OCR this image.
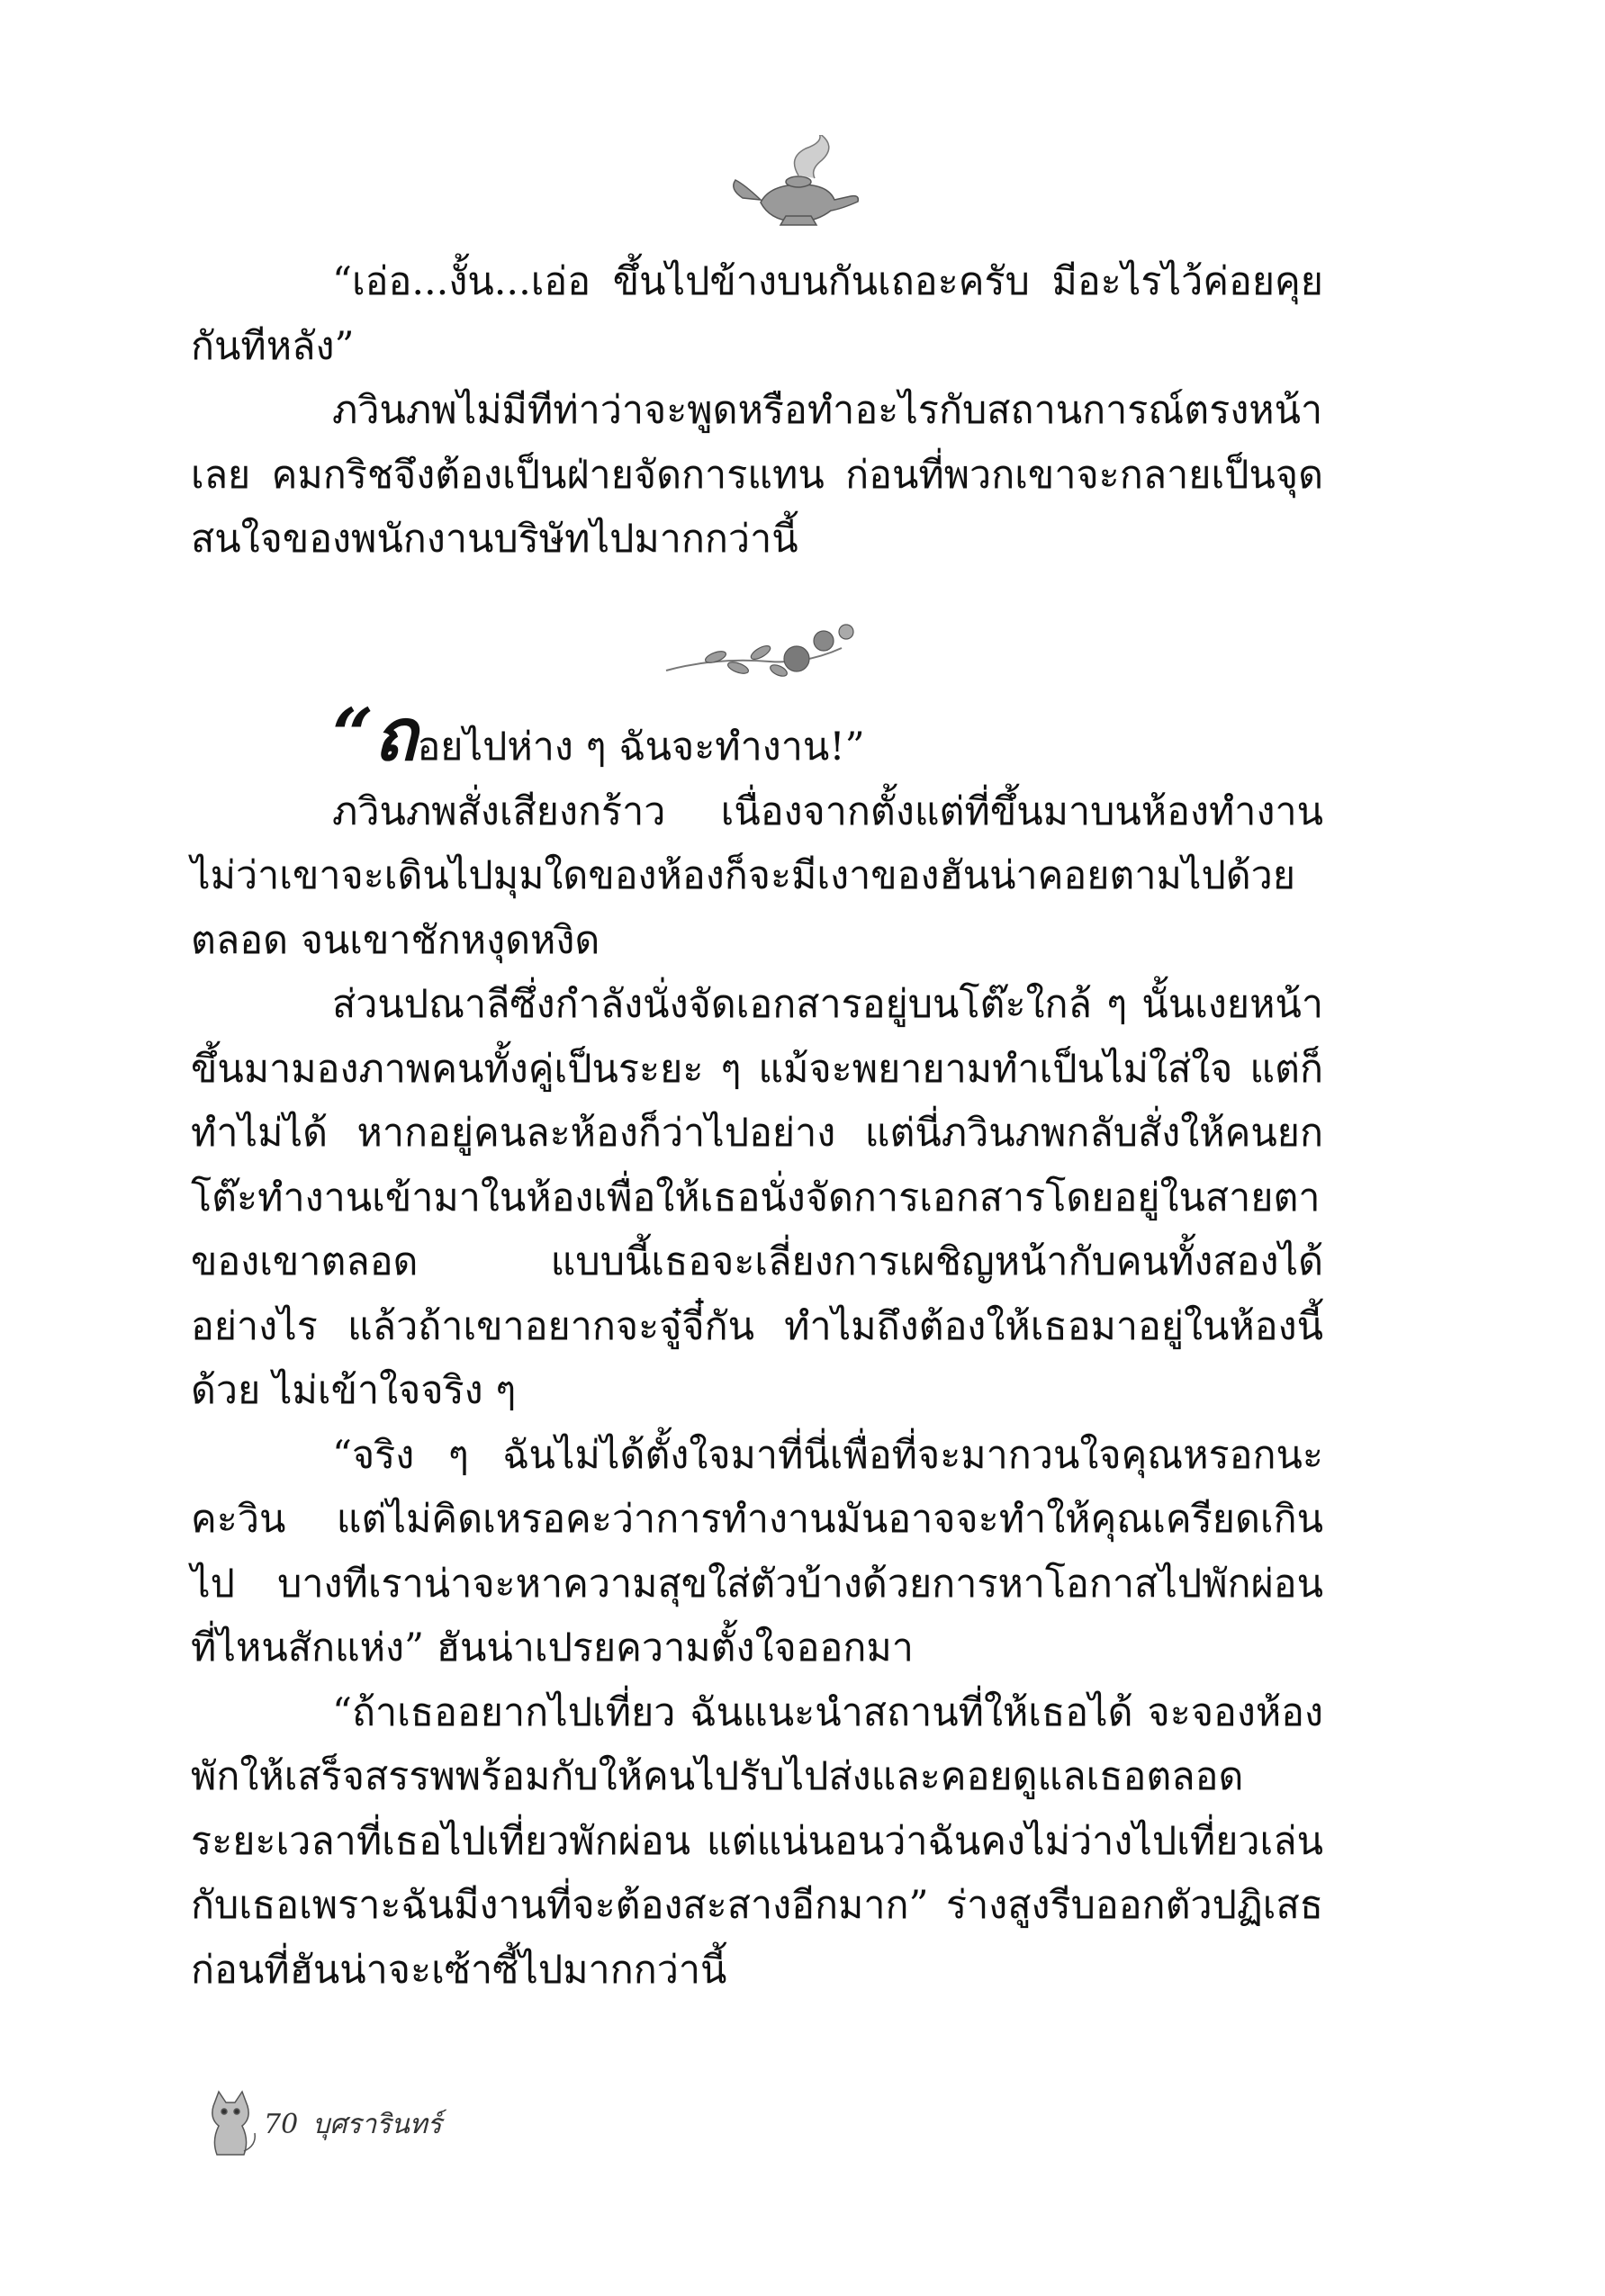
“เอ่อ...งั้น...เอ่อ ขึ้นไปข้างบนกันเถอะครับ มีอะไรไว้ค่อยคุยกันทีหลัง”

ภวินภพไม่มีทีท่าว่าจะพูดหรือทำอะไรกับสถานการณ์ตรงหน้าเลย คมกริชจึงต้องเป็นฝ่ายจัดการแทน ก่อนที่พวกเขาจะกลายเป็นจุดสนใจของพนักงานบริษัทไปมากกว่านี้

“ถอยไปห่าง ๆ ฉันจะทำงาน!”

ภวินภพสั่งเสียงกร้าว เนื่องจากตั้งแต่ที่ขึ้นมาบนห้องทำงานไม่ว่าเขาจะเดินไปมุมใดของห้องก็จะมีเงาของฮันน่าคอยตามไปด้วยตลอด จนเขาชักหงุดหงิด

ส่วนปณาลีซึ่งกำลังนั่งจัดเอกสารอยู่บนโต๊ะใกล้ ๆ นั้นเงยหน้าขึ้นมามองภาพคนทั้งคู่เป็นระยะ ๆ แม้จะพยายามทำเป็นไม่ใส่ใจ แต่ก็ทำไม่ได้ หากอยู่คนละห้องก็ว่าไปอย่าง แต่นี่ภวินภพกลับสั่งให้คนยกโต๊ะทำงานเข้ามาในห้องเพื่อให้เธอนั่งจัดการเอกสารโดยอยู่ในสายตาของเขาตลอด แบบนี้เธอจะเลี่ยงการเผชิญหน้ากับคนทั้งสองได้อย่างไร แล้วถ้าเขาอยากจะจู๋จี๋กัน ทำไมถึงต้องให้เธอมาอยู่ในห้องนี้ด้วย ไม่เข้าใจจริง ๆ

“จริง ๆ ฉันไม่ได้ตั้งใจมาที่นี่เพื่อที่จะมากวนใจคุณหรอกนะคะวิน แต่ไม่คิดเหรอคะว่าการทำงานมันอาจจะทำให้คุณเครียดเกินไป บางทีเราน่าจะหาความสุขใส่ตัวบ้างด้วยการหาโอกาสไปพักผ่อนที่ไหนสักแห่ง” ฮันน่าเปรยความตั้งใจออกมา

“ถ้าเธออยากไปเที่ยว ฉันแนะนำสถานที่ให้เธอได้ จะจองห้องพักให้เสร็จสรรพพร้อมกับให้คนไปรับไปส่งและคอยดูแลเธอตลอดระยะเวลาที่เธอไปเที่ยวพักผ่อน แต่แน่นอนว่าฉันคงไม่ว่างไปเที่ยวเล่นกับเธอเพราะฉันมีงานที่จะต้องสะสางอีกมาก” ร่างสูงรีบออกตัวปฏิเสธ ก่อนที่ฮันน่าจะเซ้าซี้ไปมากกว่านี้

70 บุศรารินทร์
